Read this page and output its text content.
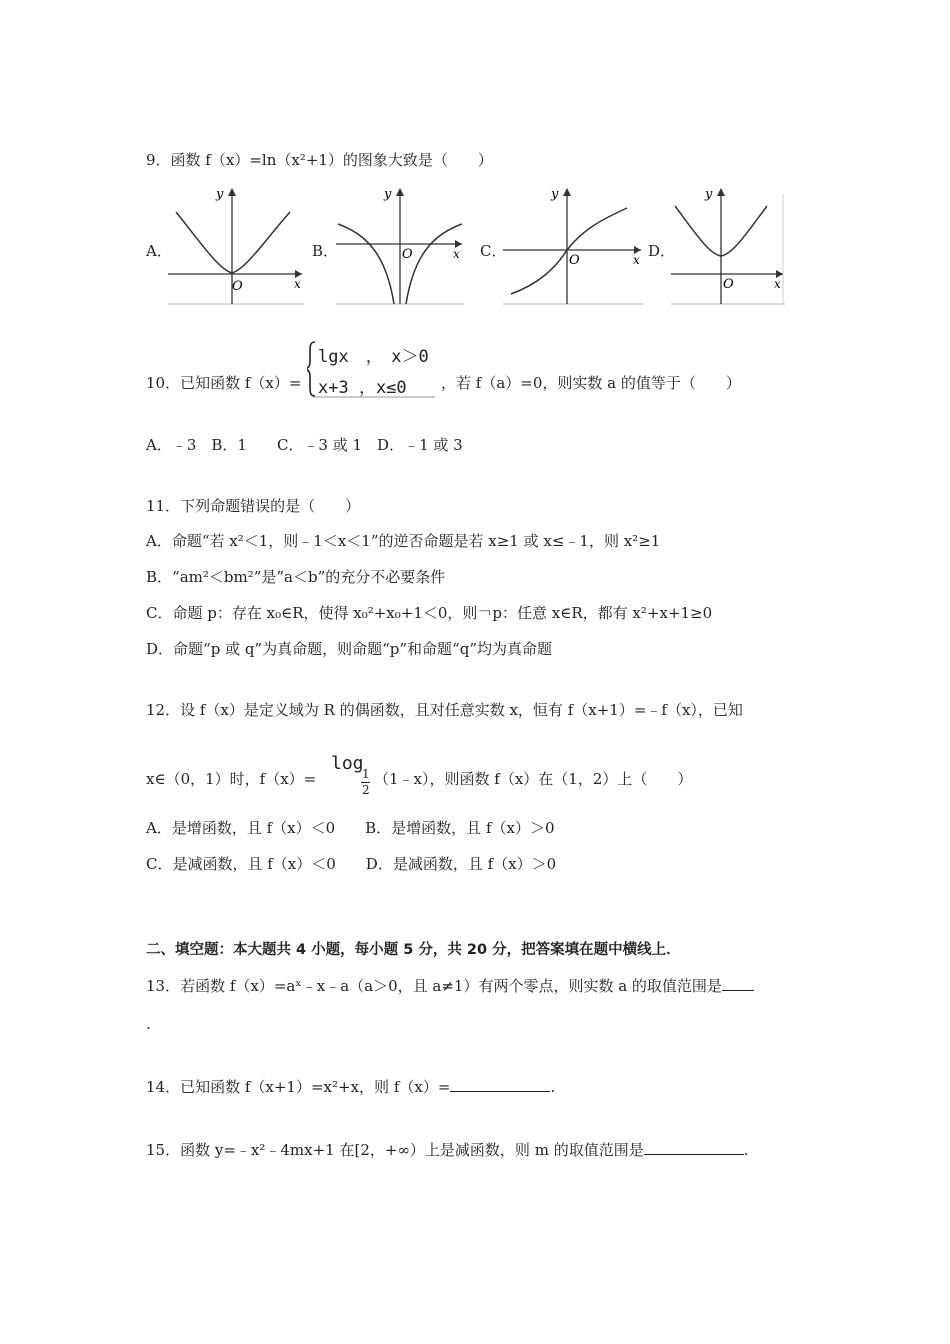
9．函数 f（x）=ln（x²+1）的图象大致是（　　）
A．	B．	C．	D．
y
x
O
y
x
O
y
x
O
y
x
O
10．已知函数 f（x）=
lgx　，　x＞0
x+3 ，x≤0 ，若 f（a）=0，则实数 a 的值等于（　　）
A．﹣3　B．1　　C．﹣3 或 1　D．﹣1 或 3
11．下列命题错误的是（　　）
A．命题“若 x²＜1，则﹣1＜x＜1”的逆否命题是若 x≥1 或 x≤﹣1，则 x²≥1
B．“am²＜bm²”是”a＜b”的充分不必要条件
C．命题 p：存在 x₀∈R，使得 x₀²+x₀+1＜0，则￢p：任意 x∈R，都有 x²+x+1≥0
D．命题“p 或 q”为真命题，则命题“p”和命题“q”均为真命题
12．设 f（x）是定义域为 R 的偶函数，且对任意实数 x，恒有 f（x+1）=﹣f（x），已知
x∈（0，1）时，f（x）=
log
1
2
（1﹣x），则函数 f（x）在（1，2）上（　　）
A．是增函数，且 f（x）＜0　　B．是增函数，且 f（x）＞0
C．是减函数，且 f（x）＜0　　D．是减函数，且 f（x）＞0
二、填空题：本大题共 4 小题，每小题 5 分，共 20 分，把答案填在题中横线上．
13．若函数 f（x）=aˣ﹣x﹣a（a＞0，且 a≠1）有两个零点，则实数 a 的取值范围是
.
14．已知函数 f（x+1）=x²+x，则 f（x）=	.
15．函数 y=﹣x²﹣4mx+1 在[2，+∞）上是减函数，则 m 的取值范围是	.
